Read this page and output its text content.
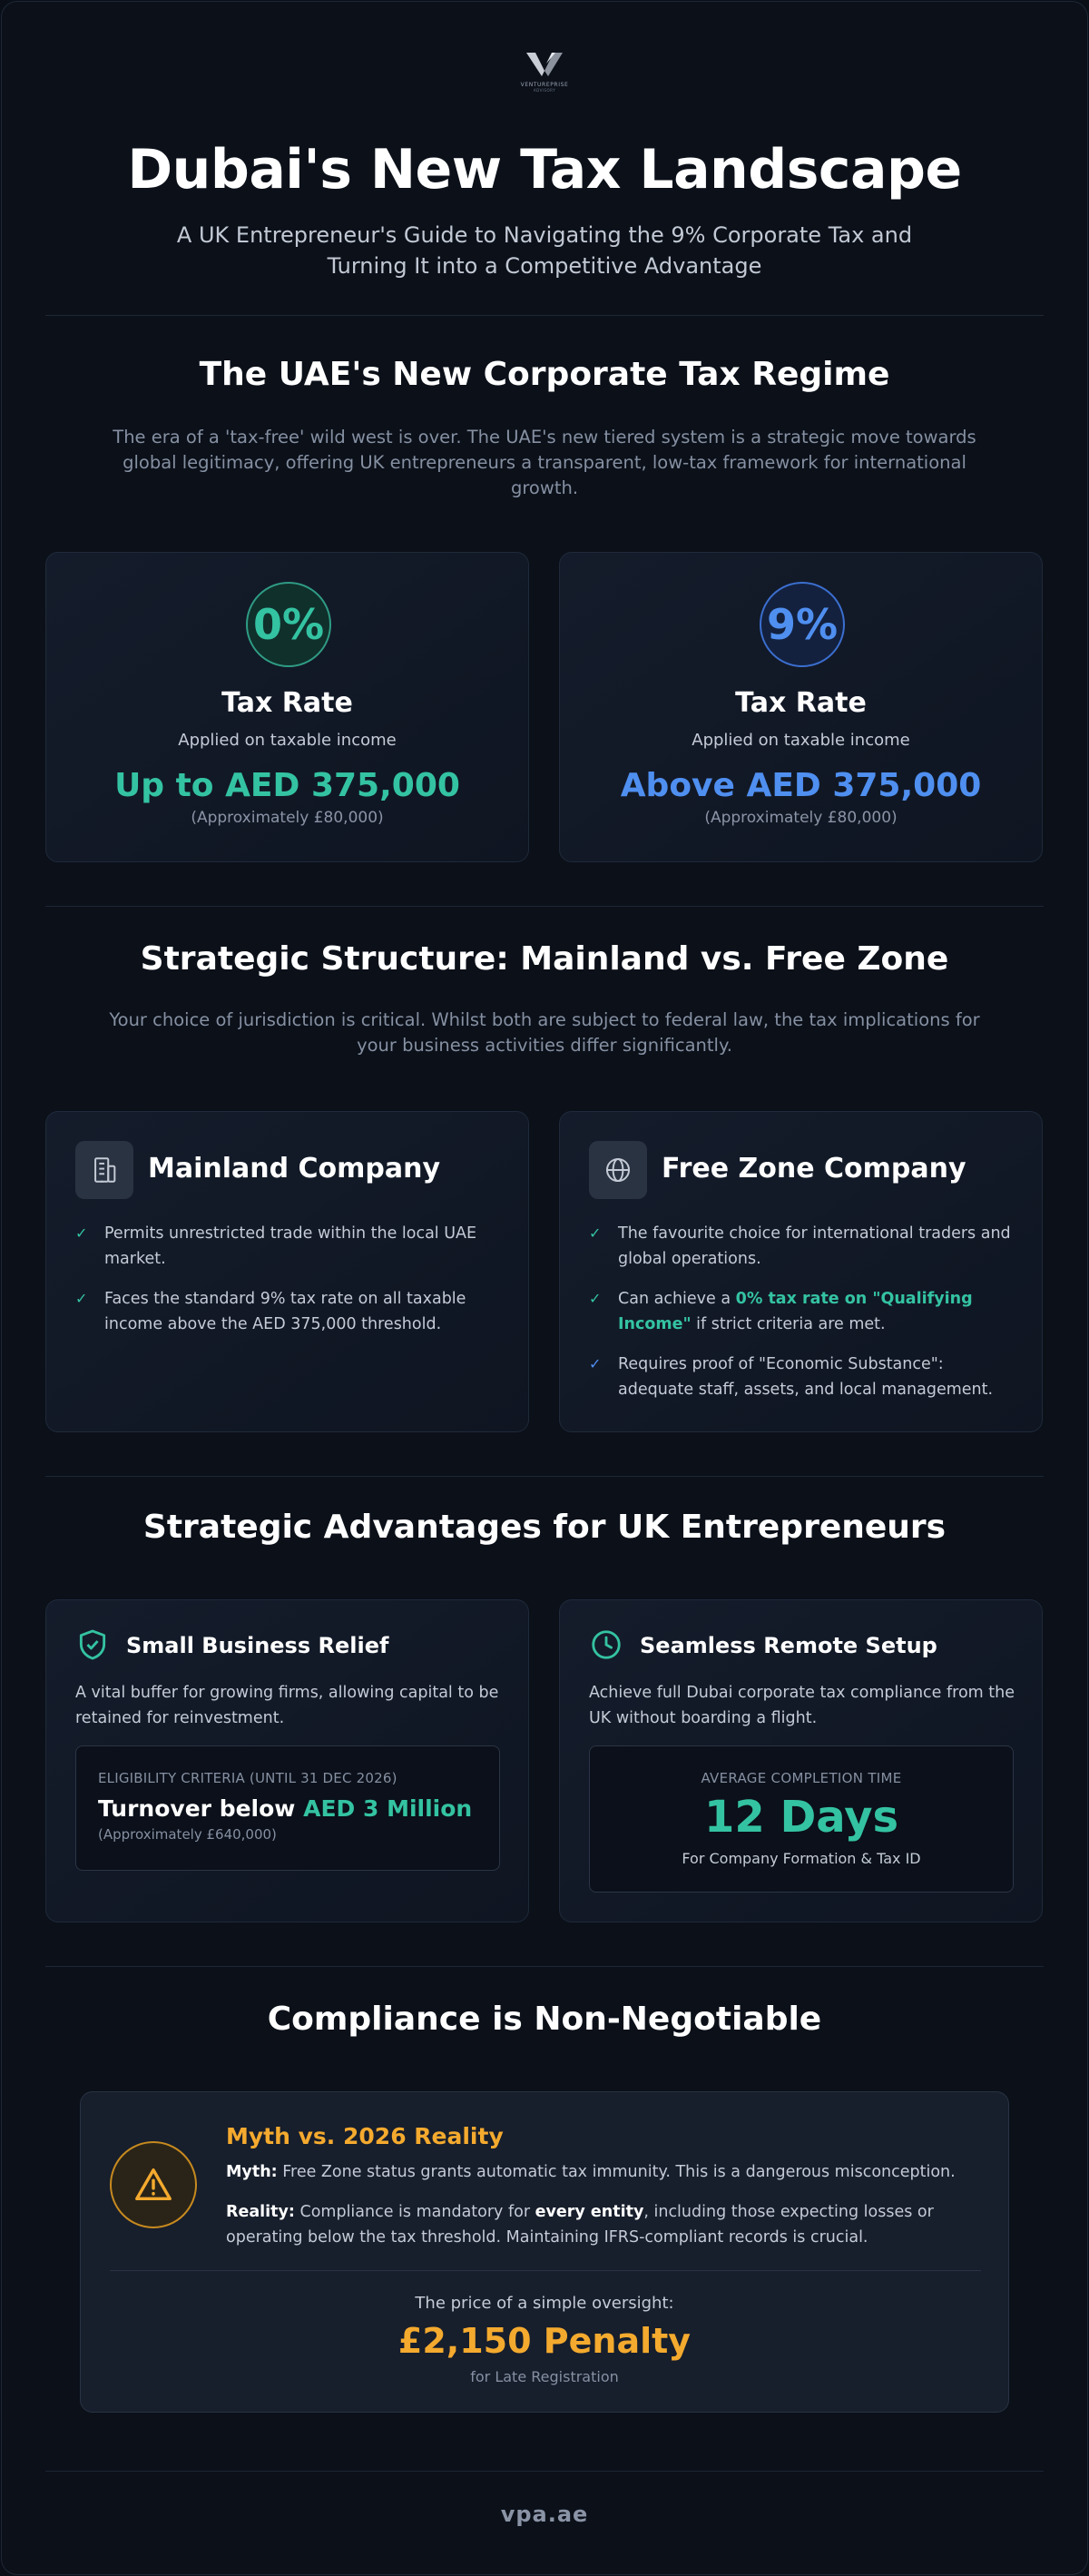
VENTUREPRISE
ADVISORY
Dubai's New Tax Landscape
A UK Entrepreneur's Guide to Navigating the 9% Corporate Tax and Turning It into a Competitive Advantage
The UAE's New Corporate Tax Regime
The era of a 'tax-free' wild west is over. The UAE's new tiered system is a strategic move towards global legitimacy, offering UK entrepreneurs a transparent, low-tax framework for international growth.
0%
Tax Rate
Applied on taxable income
Up to AED 375,000
(Approximately £80,000)
9%
Tax Rate
Applied on taxable income
Above AED 375,000
(Approximately £80,000)
Strategic Structure: Mainland vs. Free Zone
Your choice of jurisdiction is critical. Whilst both are subject to federal law, the tax implications for your business activities differ significantly.
Mainland Company
✓ Permits unrestricted trade within the local UAE market.
✓ Faces the standard 9% tax rate on all taxable income above the AED 375,000 threshold.
Free Zone Company
✓ The favourite choice for international traders and global operations.
✓ Can achieve a 0% tax rate on "Qualifying Income" if strict criteria are met.
✓ Requires proof of "Economic Substance": adequate staff, assets, and local management.
Strategic Advantages for UK Entrepreneurs
Small Business Relief
A vital buffer for growing firms, allowing capital to be retained for reinvestment.
ELIGIBILITY CRITERIA (UNTIL 31 DEC 2026)
Turnover below AED 3 Million
(Approximately £640,000)
Seamless Remote Setup
Achieve full Dubai corporate tax compliance from the UK without boarding a flight.
AVERAGE COMPLETION TIME
12 Days
For Company Formation & Tax ID
Compliance is Non-Negotiable
Myth vs. 2026 Reality
Myth: Free Zone status grants automatic tax immunity. This is a dangerous misconception.
Reality: Compliance is mandatory for every entity, including those expecting losses or operating below the tax threshold. Maintaining IFRS-compliant records is crucial.
The price of a simple oversight:
£2,150 Penalty
for Late Registration
vpa.ae
